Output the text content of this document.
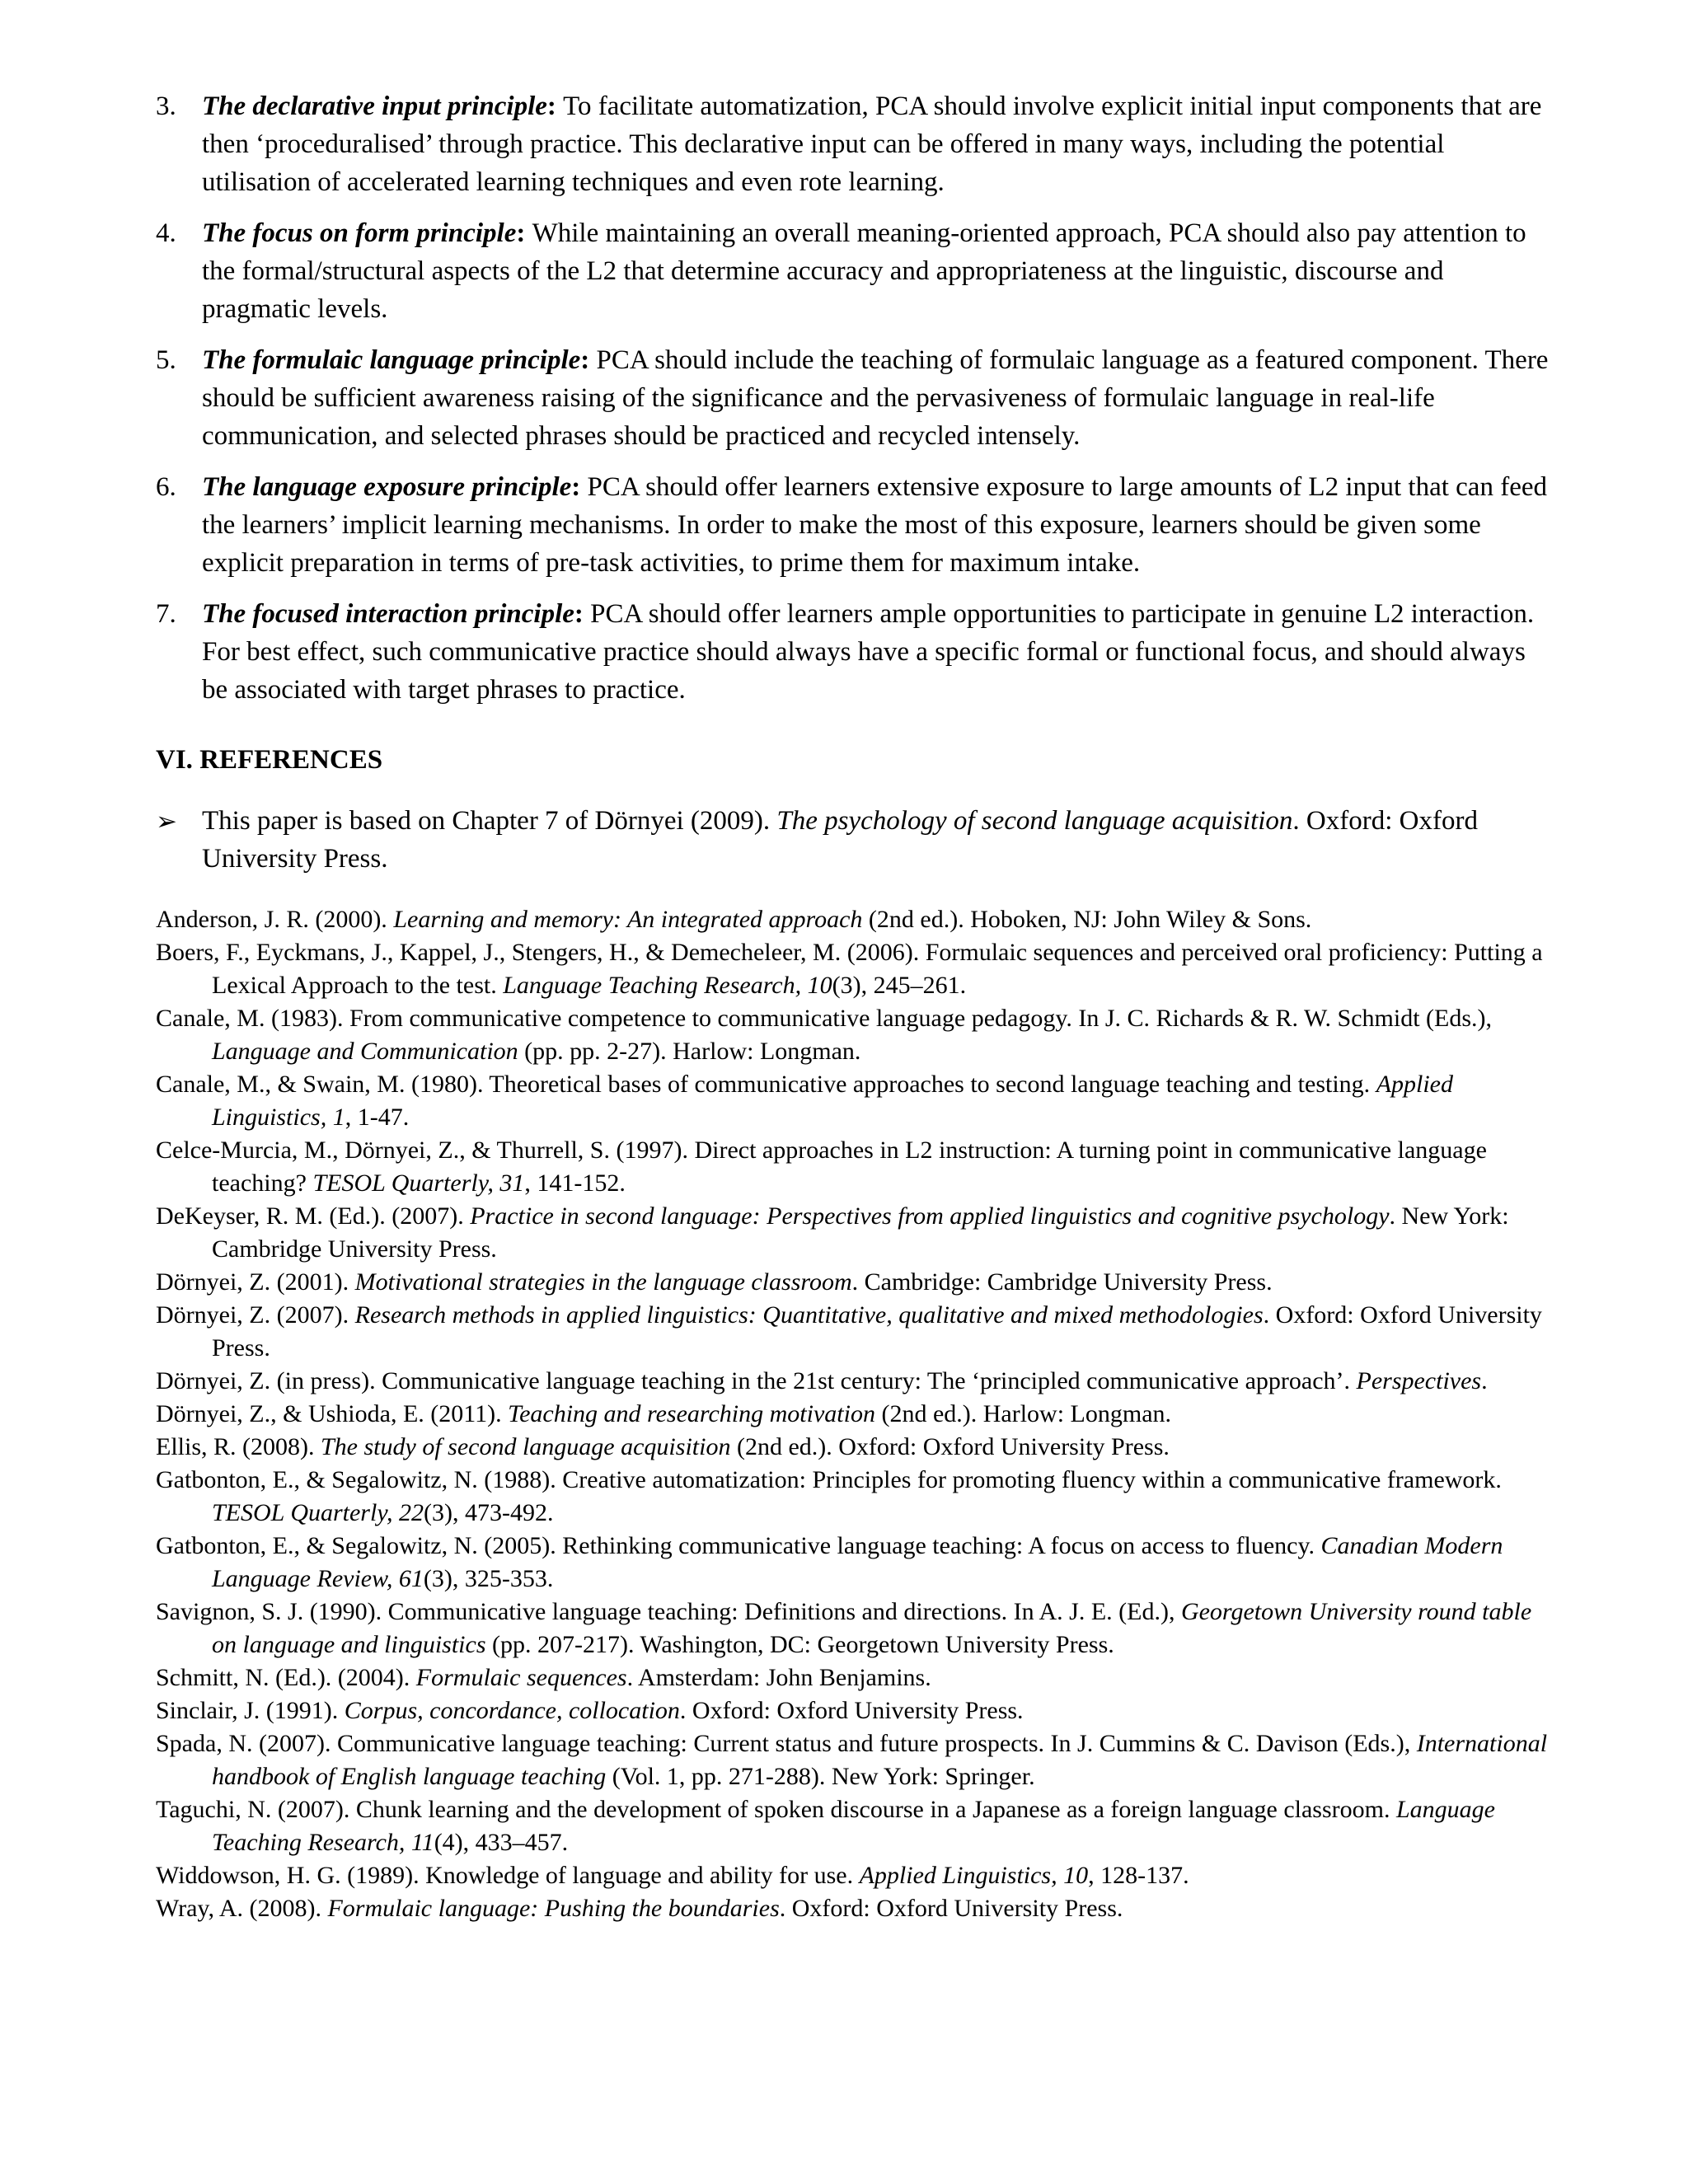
3. The declarative input principle: To facilitate automatization, PCA should involve explicit initial input components that are then ‘proceduralised’ through practice. This declarative input can be offered in many ways, including the potential utilisation of accelerated learning techniques and even rote learning.
4. The focus on form principle: While maintaining an overall meaning-oriented approach, PCA should also pay attention to the formal/structural aspects of the L2 that determine accuracy and appropriateness at the linguistic, discourse and pragmatic levels.
5. The formulaic language principle: PCA should include the teaching of formulaic language as a featured component. There should be sufficient awareness raising of the significance and the pervasiveness of formulaic language in real-life communication, and selected phrases should be practiced and recycled intensely.
6. The language exposure principle: PCA should offer learners extensive exposure to large amounts of L2 input that can feed the learners’ implicit learning mechanisms. In order to make the most of this exposure, learners should be given some explicit preparation in terms of pre-task activities, to prime them for maximum intake.
7. The focused interaction principle: PCA should offer learners ample opportunities to participate in genuine L2 interaction. For best effect, such communicative practice should always have a specific formal or functional focus, and should always be associated with target phrases to practice.
VI. REFERENCES
➢ This paper is based on Chapter 7 of Dörnyei (2009). The psychology of second language acquisition. Oxford: Oxford University Press.

Anderson, J. R. (2000). Learning and memory: An integrated approach (2nd ed.). Hoboken, NJ: John Wiley & Sons.

Boers, F., Eyckmans, J., Kappel, J., Stengers, H., & Demecheleer, M. (2006). Formulaic sequences and perceived oral proficiency: Putting a Lexical Approach to the test. Language Teaching Research, 10(3), 245–261.

Canale, M. (1983). From communicative competence to communicative language pedagogy. In J. C. Richards & R. W. Schmidt (Eds.), Language and Communication (pp. pp. 2-27). Harlow: Longman.

Canale, M., & Swain, M. (1980). Theoretical bases of communicative approaches to second language teaching and testing. Applied Linguistics, 1, 1-47.

Celce-Murcia, M., Dörnyei, Z., & Thurrell, S. (1997). Direct approaches in L2 instruction: A turning point in communicative language teaching? TESOL Quarterly, 31, 141-152.

DeKeyser, R. M. (Ed.). (2007). Practice in second language: Perspectives from applied linguistics and cognitive psychology. New York: Cambridge University Press.

Dörnyei, Z. (2001). Motivational strategies in the language classroom. Cambridge: Cambridge University Press.

Dörnyei, Z. (2007). Research methods in applied linguistics: Quantitative, qualitative and mixed methodologies. Oxford: Oxford University Press.

Dörnyei, Z. (in press). Communicative language teaching in the 21st century: The ‘principled communicative approach’. Perspectives.

Dörnyei, Z., & Ushioda, E. (2011). Teaching and researching motivation (2nd ed.). Harlow: Longman.

Ellis, R. (2008). The study of second language acquisition (2nd ed.). Oxford: Oxford University Press.

Gatbonton, E., & Segalowitz, N. (1988). Creative automatization: Principles for promoting fluency within a communicative framework. TESOL Quarterly, 22(3), 473-492.

Gatbonton, E., & Segalowitz, N. (2005). Rethinking communicative language teaching: A focus on access to fluency. Canadian Modern Language Review, 61(3), 325-353.

Savignon, S. J. (1990). Communicative language teaching: Definitions and directions. In A. J. E. (Ed.), Georgetown University round table on language and linguistics (pp. 207-217). Washington, DC: Georgetown University Press.

Schmitt, N. (Ed.). (2004). Formulaic sequences. Amsterdam: John Benjamins.

Sinclair, J. (1991). Corpus, concordance, collocation. Oxford: Oxford University Press.

Spada, N. (2007). Communicative language teaching: Current status and future prospects. In J. Cummins & C. Davison (Eds.), International handbook of English language teaching (Vol. 1, pp. 271-288). New York: Springer.

Taguchi, N. (2007). Chunk learning and the development of spoken discourse in a Japanese as a foreign language classroom. Language Teaching Research, 11(4), 433–457.

Widdowson, H. G. (1989). Knowledge of language and ability for use. Applied Linguistics, 10, 128-137.

Wray, A. (2008). Formulaic language: Pushing the boundaries. Oxford: Oxford University Press.
